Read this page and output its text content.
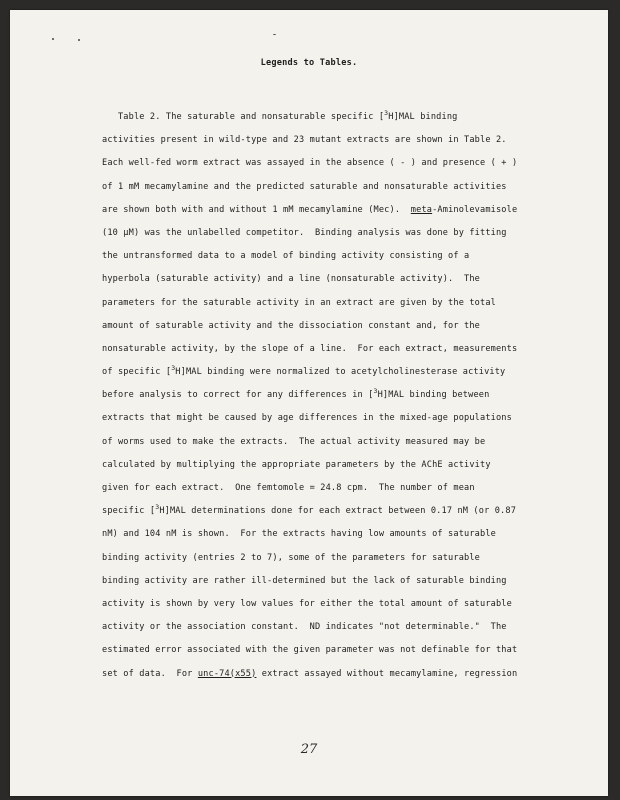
Legends to Tables.
Table 2. The saturable and nonsaturable specific [$^3$H]MAL binding
activities present in wild-type and 23 mutant extracts are shown in Table 2.
Each well-fed worm extract was assayed in the absence ( - ) and presence ( + )
of 1 mM mecamylamine and the predicted saturable and nonsaturable activities
are shown both with and without 1 mM mecamylamine (Mec).  meta-Aminolevamisole
(10 µM) was the unlabelled competitor.  Binding analysis was done by fitting
the untransformed data to a model of binding activity consisting of a
hyperbola (saturable activity) and a line (nonsaturable activity).  The
parameters for the saturable activity in an extract are given by the total
amount of saturable activity and the dissociation constant and, for the
nonsaturable activity, by the slope of a line.  For each extract, measurements
of specific [$^3$H]MAL binding were normalized to acetylcholinesterase activity
before analysis to correct for any differences in [$^3$H]MAL binding between
extracts that might be caused by age differences in the mixed-age populations
of worms used to make the extracts.  The actual activity measured may be
calculated by multiplying the appropriate parameters by the AChE activity
given for each extract.  One femtomole = 24.8 cpm.  The number of mean
specific [$^3$H]MAL determinations done for each extract between 0.17 nM (or 0.87
nM) and 104 nM is shown.  For the extracts having low amounts of saturable
binding activity (entries 2 to 7), some of the parameters for saturable
binding activity are rather ill-determined but the lack of saturable binding
activity is shown by very low values for either the total amount of saturable
activity or the association constant.  ND indicates "not determinable."  The
estimated error associated with the given parameter was not definable for that
set of data.  For unc-74(x55) extract assayed without mecamylamine, regression
27
